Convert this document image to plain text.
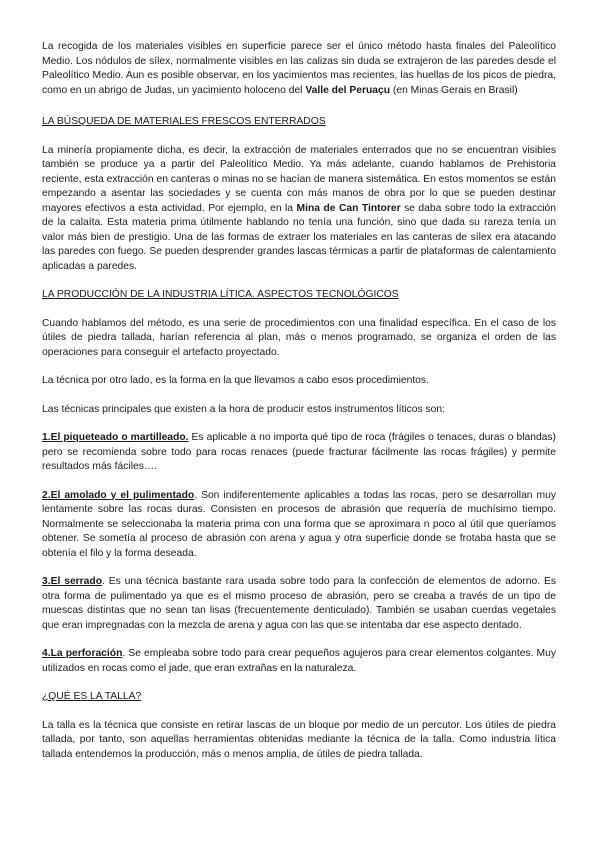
La recogida de los materiales visibles en superficie parece ser el único método hasta finales del Paleolítico Medio. Los nódulos de sílex, normalmente visibles en las calizas sin duda se extrajeron de las paredes desde el Paleolítico Medio. Aun es posible observar, en los yacimientos mas recientes, las huellas de los picos de piedra, como en un abrigo de Judas, un yacimiento holoceno del Valle del Peruaçu (en Minas Gerais en Brasil)

LA BÚSQUEDA DE MATERIALES FRESCOS ENTERRADOS

La minería propiamente dicha, es decir, la extracción de materiales enterrados que no se encuentran visibles también se produce ya a partir del Paleolítico Medio. Ya más adelante, cuando hablamos de Prehistoria reciente, esta extracción en canteras o minas no se hacían de manera sistemática. En estos momentos se están empezando a asentar las sociedades y se cuenta con más manos de obra por lo que se pueden destinar mayores efectivos a esta actividad. Por ejemplo, en la Mina de Can Tintorer se daba sobre todo la extracción de la calaíta. Esta materia prima útilmente hablando no tenía una función, sino que dada su rareza tenía un valor más bien de prestigio. Una de las formas de extraer los materiales en las canteras de sílex era atacando las paredes con fuego. Se pueden desprender grandes lascas térmicas a partir de plataformas de calentamiento aplicadas a paredes.

LA PRODUCCIÓN DE LA INDUSTRIA LÍTICA. ASPECTOS TECNOLÓGICOS

Cuando hablamos del método, es una serie de procedimientos con una finalidad específica. En el caso de los útiles de piedra tallada, harían referencia al plan, más o menos programado, se organiza el orden de las operaciones para conseguir el artefacto proyectado.

La técnica por otro lado, es la forma en la que llevamos a cabo esos procedimientos.

Las técnicas principales que existen a la hora de producir estos instrumentos líticos son:

1.El piqueteado o martilleado. Es aplicable a no importa qué tipo de roca (frágiles o tenaces, duras o blandas) pero se recomienda sobre todo para rocas renaces (puede fracturar fácilmente las rocas frágiles) y permite resultados más fáciles….

2.El amolado y el pulimentado. Son indiferentemente aplicables a todas las rocas, pero se desarrollan muy lentamente sobre las rocas duras. Consisten en procesos de abrasión que requería de muchísimo tiempo. Normalmente se seleccionaba la materia prima con una forma que se aproximara n poco al útil que queríamos obtener. Se sometía al proceso de abrasión con arena y agua y otra superficie donde se frotaba hasta que se obtenía el filo y la forma deseada.

3.El serrado. Es una técnica bastante rara usada sobre todo para la confección de elementos de adorno. Es otra forma de pulimentado ya que es el mismo proceso de abrasión, pero se creaba a través de un tipo de muescas distintas que no sean tan lisas (frecuentemente denticulado). También se usaban cuerdas vegetales que eran impregnadas con la mezcla de arena y agua con las que se intentaba dar ese aspecto dentado.

4.La perforación. Se empleaba sobre todo para crear pequeños agujeros para crear elementos colgantes. Muy utilizados en rocas como el jade, que eran extrañas en la naturaleza.

¿QUÉ ES LA TALLA?

La talla es la técnica que consiste en retirar lascas de un bloque por medio de un percutor. Los útiles de piedra tallada, por tanto, son aquellas herramientas obtenidas mediante la técnica de la talla. Como industria lítica tallada entendemos la producción, más o menos amplia, de útiles de piedra tallada.
